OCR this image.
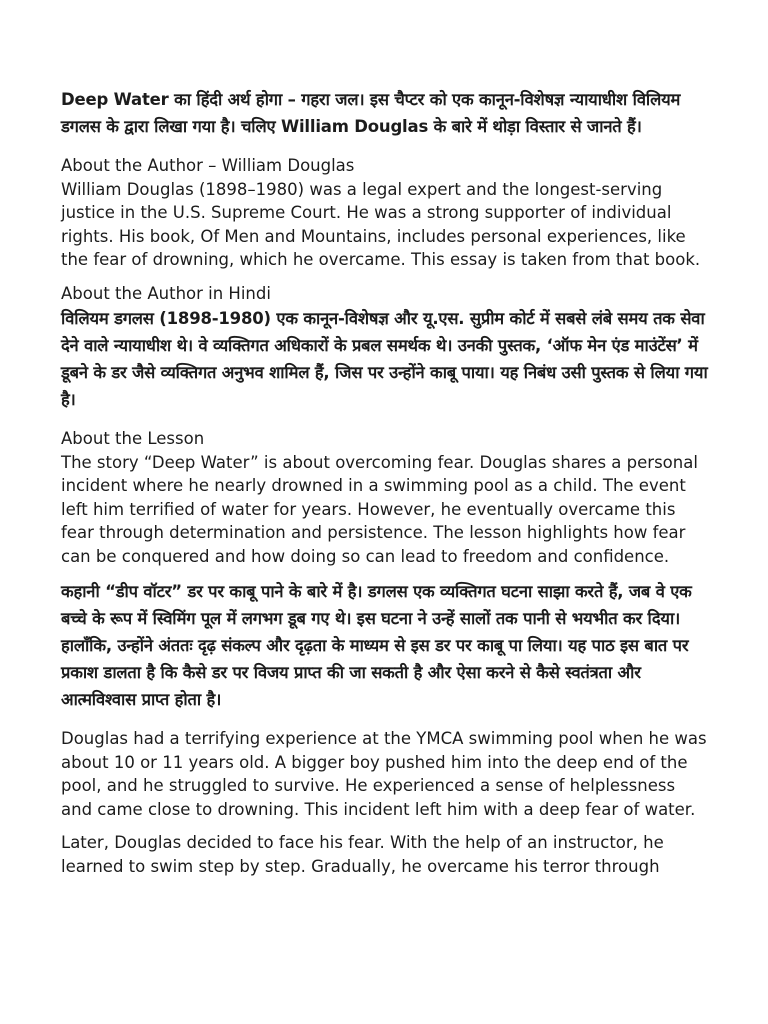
Deep Water का हिंदी अर्थ होगा – गहरा जल। इस चैप्टर को एक कानून-विशेषज्ञ न्यायाधीश विलियम डगलस के द्वारा लिखा गया है। चलिए William Douglas के बारे में थोड़ा विस्तार से जानते हैं।

About the Author – William Douglas

William Douglas (1898–1980) was a legal expert and the longest-serving justice in the U.S. Supreme Court. He was a strong supporter of individual rights. His book, Of Men and Mountains, includes personal experiences, like the fear of drowning, which he overcame. This essay is taken from that book.

About the Author in Hindi

विलियम डगलस (1898-1980) एक कानून-विशेषज्ञ और यू.एस. सुप्रीम कोर्ट में सबसे लंबे समय तक सेवा देने वाले न्यायाधीश थे। वे व्यक्तिगत अधिकारों के प्रबल समर्थक थे। उनकी पुस्तक, ‘ऑफ मेन एंड माउंटेंस’ में डूबने के डर जैसे व्यक्तिगत अनुभव शामिल हैं, जिस पर उन्होंने काबू पाया। यह निबंध उसी पुस्तक से लिया गया है।

About the Lesson

The story “Deep Water” is about overcoming fear. Douglas shares a personal incident where he nearly drowned in a swimming pool as a child. The event left him terrified of water for years. However, he eventually overcame this fear through determination and persistence. The lesson highlights how fear can be conquered and how doing so can lead to freedom and confidence.

कहानी “डीप वॉटर” डर पर काबू पाने के बारे में है। डगलस एक व्यक्तिगत घटना साझा करते हैं, जब वे एक बच्चे के रूप में स्विमिंग पूल में लगभग डूब गए थे। इस घटना ने उन्हें सालों तक पानी से भयभीत कर दिया। हालाँकि, उन्होंने अंततः दृढ़ संकल्प और दृढ़ता के माध्यम से इस डर पर काबू पा लिया। यह पाठ इस बात पर प्रकाश डालता है कि कैसे डर पर विजय प्राप्त की जा सकती है और ऐसा करने से कैसे स्वतंत्रता और आत्मविश्वास प्राप्त होता है।

Douglas had a terrifying experience at the YMCA swimming pool when he was about 10 or 11 years old. A bigger boy pushed him into the deep end of the pool, and he struggled to survive. He experienced a sense of helplessness and came close to drowning. This incident left him with a deep fear of water.

Later, Douglas decided to face his fear. With the help of an instructor, he learned to swim step by step. Gradually, he overcame his terror through
